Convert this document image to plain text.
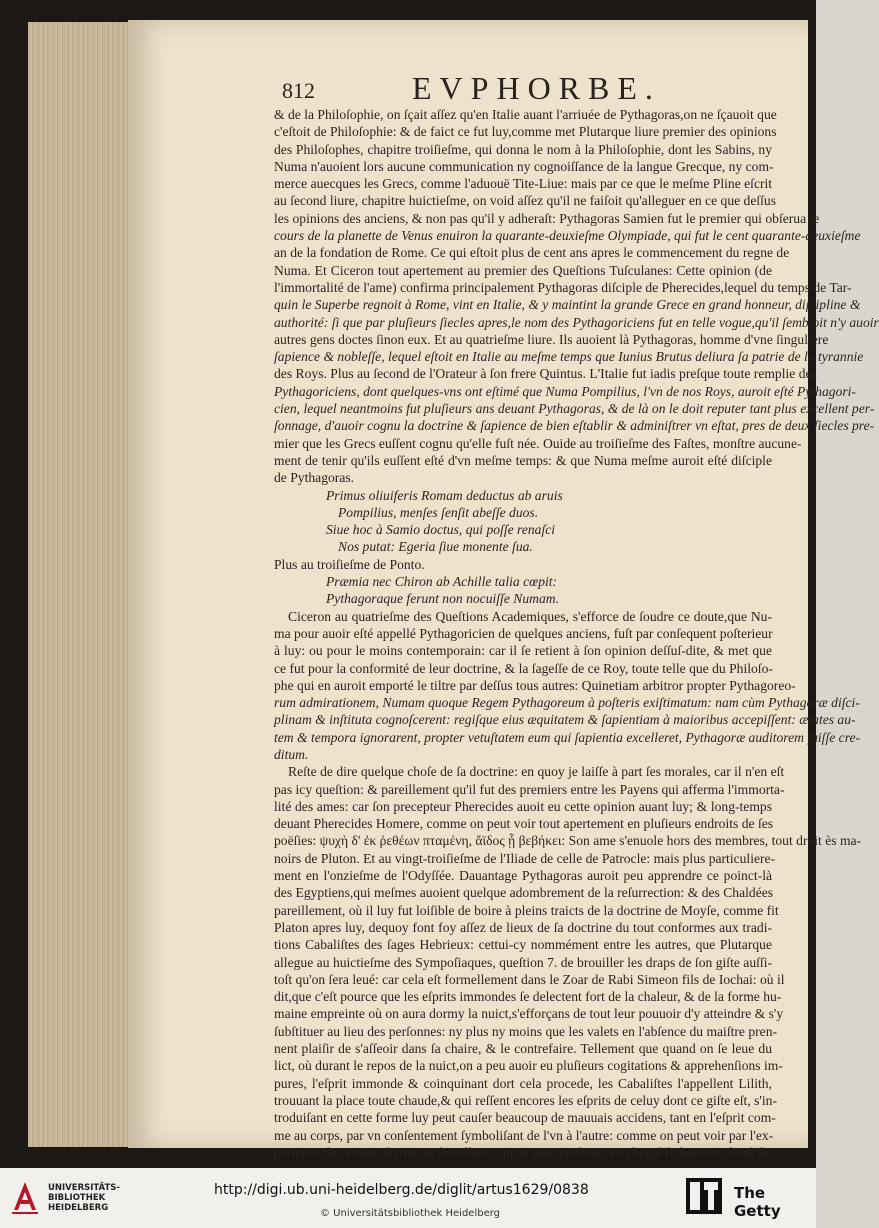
812	EVPHORBE.
& de la Philoſophie, on ſçait aſſez qu'en Italie auant l'arriuée de Pythagoras,on ne ſçauoit que
c'eſtoit de Philoſophie: & de faict ce fut luy,comme met Plutarque liure premier des opinions
des Philoſophes, chapitre troiſieſme, qui donna le nom à la Philoſophie, dont les Sabins, ny
Numa n'auoient lors aucune communication ny cognoiſſance de la langue Grecque, ny com-
merce auecques les Grecs, comme l'aduouë Tite-Liue: mais par ce que le meſme Pline eſcrit
au ſecond liure, chapitre huictieſme, on void aſſez qu'il ne faiſoit qu'alleguer en ce que deſſus
les opinions des anciens, & non pas qu'il y adheraſt: Pythagoras Samien fut le premier qui obſerua le
cours de la planette de Venus enuiron la quarante-deuxieſme Olympiade, qui fut le cent quarante-deuxieſme
an de la fondation de Rome. Ce qui eſtoit plus de cent ans apres le commencement du regne de
Numa. Et Ciceron tout apertement au premier des Queſtions Tuſculanes: Cette opinion (de
l'immortalité de l'ame) confirma principalement Pythagoras diſciple de Pherecides,lequel du temps de Tar-
quin le Superbe regnoit à Rome, vint en Italie, & y maintint la grande Grece en grand honneur, diſcipline &
authorité: ſi que par pluſieurs ſiecles apres,le nom des Pythagoriciens fut en telle vogue,qu'il ſembloit n'y auoir
autres gens doctes ſinon eux. Et au quatrieſme liure. Ils auoient là Pythagoras, homme d'vne ſinguliere
ſapience & nobleſſe, lequel eſtoit en Italie au meſme temps que Iunius Brutus deliura ſa patrie de la tyrannie
des Roys. Plus au ſecond de l'Orateur à ſon frere Quintus. L'Italie fut iadis preſque toute remplie des
Pythagoriciens, dont quelques-vns ont eſtimé que Numa Pompilius, l'vn de nos Roys, auroit eſté Pythagori-
cien, lequel neantmoins fut pluſieurs ans deuant Pythagoras, & de là on le doit reputer tant plus excellent per-
ſonnage, d'auoir cognu la doctrine & ſapience de bien eſtablir & adminiſtrer vn eſtat, pres de deux ſiecles pre-
mier que les Grecs euſſent cognu qu'elle fuſt née. Ouide au troiſieſme des Faſtes, monſtre aucune-
ment de tenir qu'ils euſſent eſté d'vn meſme temps: & que Numa meſme auroit eſté diſciple
de Pythagoras.
Primus oliuiferis Romam deductus ab aruis
Pompilius, menſes ſenſit abeſſe duos.
Siue hoc à Samio doctus, qui poſſe renaſci
Nos putat: Egeria ſiue monente ſua.
Plus au troiſieſme de Ponto.
Præmia nec Chiron ab Achille talia cœpit:
Pythagoraque ferunt non nocuiſſe Numam.
Ciceron au quatrieſme des Queſtions Academiques, s'efforce de ſoudre ce doute,que Nu-
ma pour auoir eſté appellé Pythagoricien de quelques anciens, fuſt par conſequent poſterieur
à luy: ou pour le moins contemporain: car il ſe retient à ſon opinion deſſuſ-dite, & met que
ce fut pour la conformité de leur doctrine, & la ſageſſe de ce Roy, toute telle que du Philoſo-
phe qui en auroit emporté le tiltre par deſſus tous autres: Quinetiam arbitror propter Pythagoreo-
rum admirationem, Numam quoque Regem Pythagoreum à poſteris exiſtimatum: nam cùm Pythagoræ diſci-
plinam & inſtituta cognoſcerent: regiſque eius æquitatem & ſapientiam à maioribus accepiſſent: ætates au-
tem & tempora ignorarent, propter vetuſtatem eum qui ſapientia excelleret, Pythagoræ auditorem fuiſſe cre-
ditum.
Reſte de dire quelque choſe de ſa doctrine: en quoy je laiſſe à part ſes morales, car il n'en eſt
pas icy queſtion: & pareillement qu'il fut des premiers entre les Payens qui afferma l'immorta-
lité des ames: car ſon precepteur Pherecides auoit eu cette opinion auant luy; & long-temps
deuant Pherecides Homere, comme on peut voir tout apertement en pluſieurs endroits de ſes
poëſies: ψυχὴ δ' ἐκ ῥεθέων πταμένη, ἄϊδος ᾗ βεβήκει: Son ame s'enuole hors des membres, tout droit ès ma-
noirs de Pluton. Et au vingt-troiſieſme de l'Iliade de celle de Patrocle: mais plus particuliere-
ment en l'onzieſme de l'Odyſſée. Dauantage Pythagoras auroit peu apprendre ce poinct-là
des Egyptiens,qui meſmes auoient quelque adombrement de la reſurrection: & des Chaldées
pareillement, où il luy fut loiſible de boire à pleins traicts de la doctrine de Moyſe, comme fit
Platon apres luy, dequoy font foy aſſez de lieux de ſa doctrine du tout conformes aux tradi-
tions Cabaliſtes des ſages Hebrieux: cettui-cy nommément entre les autres, que Plutarque
allegue au huictieſme des Sympoſiaques, queſtion 7. de brouiller les draps de ſon giſte auſſi-
toſt qu'on ſera leué: car cela eſt formellement dans le Zoar de Rabi Simeon fils de Iochai: où il
dit,que c'eſt pource que les eſprits immondes ſe delectent fort de la chaleur, & de la forme hu-
maine empreinte où on aura dormy la nuict,s'efforçans de tout leur pouuoir d'y atteindre & s'y
ſubſtituer au lieu des perſonnes: ny plus ny moins que les valets en l'abſence du maiſtre pren-
nent plaiſir de s'aſſeoir dans ſa chaire, & le contrefaire. Tellement que quand on ſe leue du
lict, où durant le repos de la nuict,on a peu auoir eu pluſieurs cogitations & apprehenſions im-
pures, l'eſprit immonde & coinquinant dort cela procede, les Cabaliſtes l'appellent Lilith,
trouuant la place toute chaude,& qui reſſent encores les eſprits de celuy dont ce giſte eſt, s'in-
troduiſant en cette forme luy peut cauſer beaucoup de mauuais accidens, tant en l'eſprit com-
me au corps, par vn conſentement ſymboliſant de l'vn à l'autre: comme on peut voir par l'ex-
perience de certain charme & ſorcellerie, qu'on peut encloüer vn cheual fichant vn cloud de-
UNIVERSITÄTS-
BIBLIOTHEK
HEIDELBERG
http://digi.ub.uni-heidelberg.de/diglit/artus1629/0838
© Universitätsbibliothek Heidelberg
The Getty
